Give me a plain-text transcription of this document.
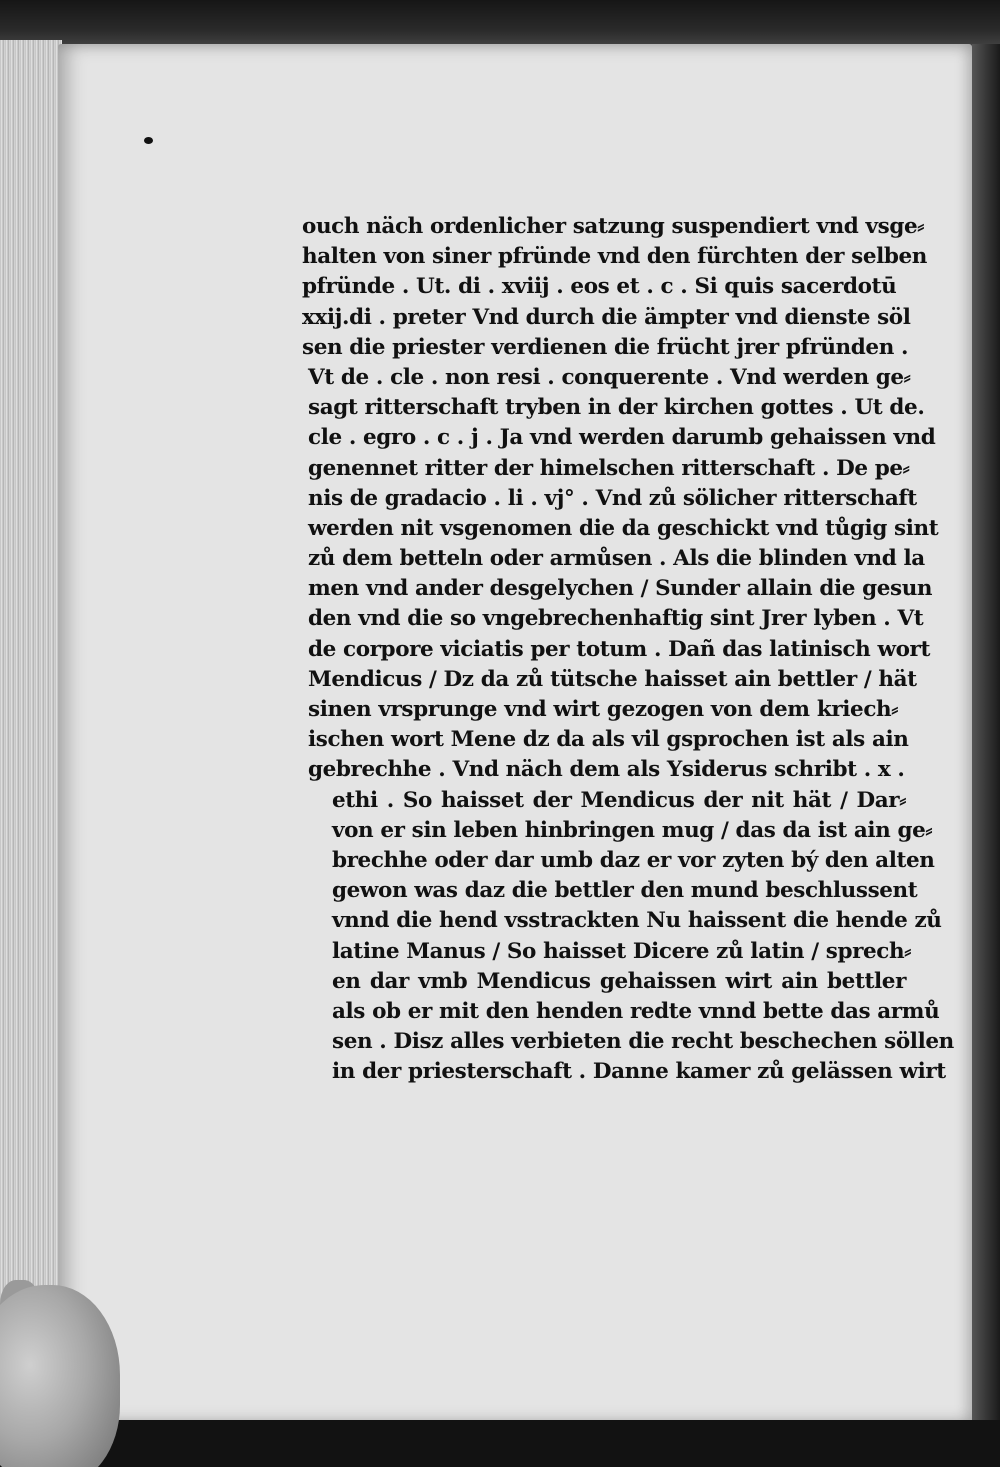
ouch näch ordenlicher satzung suspendiert vnd vsge⸗
halten von siner pfründe vnd den fürchten der selben
pfründe . Ut. di . xviij . eos et . c . Si quis sacerdotū
xxij.di . preter Vnd durch die ämpter vnd dienste söl
sen die priester verdienen die frücht jrer pfründen .
Vt de . cle . non resi . conquerente . Vnd werden ge⸗
sagt ritterschaft tryben in der kirchen gottes . Ut de.
cle . egro . c . j . Ja vnd werden darumb gehaissen vnd
genennet ritter der himelschen ritterschaft . De pe⸗
nis de gradacio . li . vj° . Vnd zů sölicher ritterschaft
werden nit vsgenomen die da geschickt vnd tůgig sint
zů dem betteln oder armůsen . Als die blinden vnd la
men vnd ander desgelychen / Sunder allain die gesun
den vnd die so vngebrechenhaftig sint Jrer lyben . Vt
de corpore viciatis per totum . Dañ das latinisch wort
Mendicus / Dz da zů tütsche haisset ain bettler / hät
sinen vrsprunge vnd wirt gezogen von dem kriech⸗
ischen wort Mene dz da als vil gsprochen ist als ain
gebrechhe . Vnd näch dem als Ysiderus schribt . x .
ethi . So haisset der Mendicus der nit hät / Dar⸗
von er sin leben hinbringen mug / das da ist ain ge⸗
brechhe oder dar umb daz er vor zyten bý den alten
gewon was daz die bettler den mund beschlussent
vnnd die hend vsstrackten Nu haissent die hende zů
latine Manus / So haisset Dicere zů latin / sprech⸗
en dar vmb Mendicus gehaissen wirt ain bettler
als ob er mit den henden redte vnnd bette das armů
sen . Disz alles verbieten die recht beschechen söllen
in der priesterschaft . Danne kamer zů gelässen wirt
